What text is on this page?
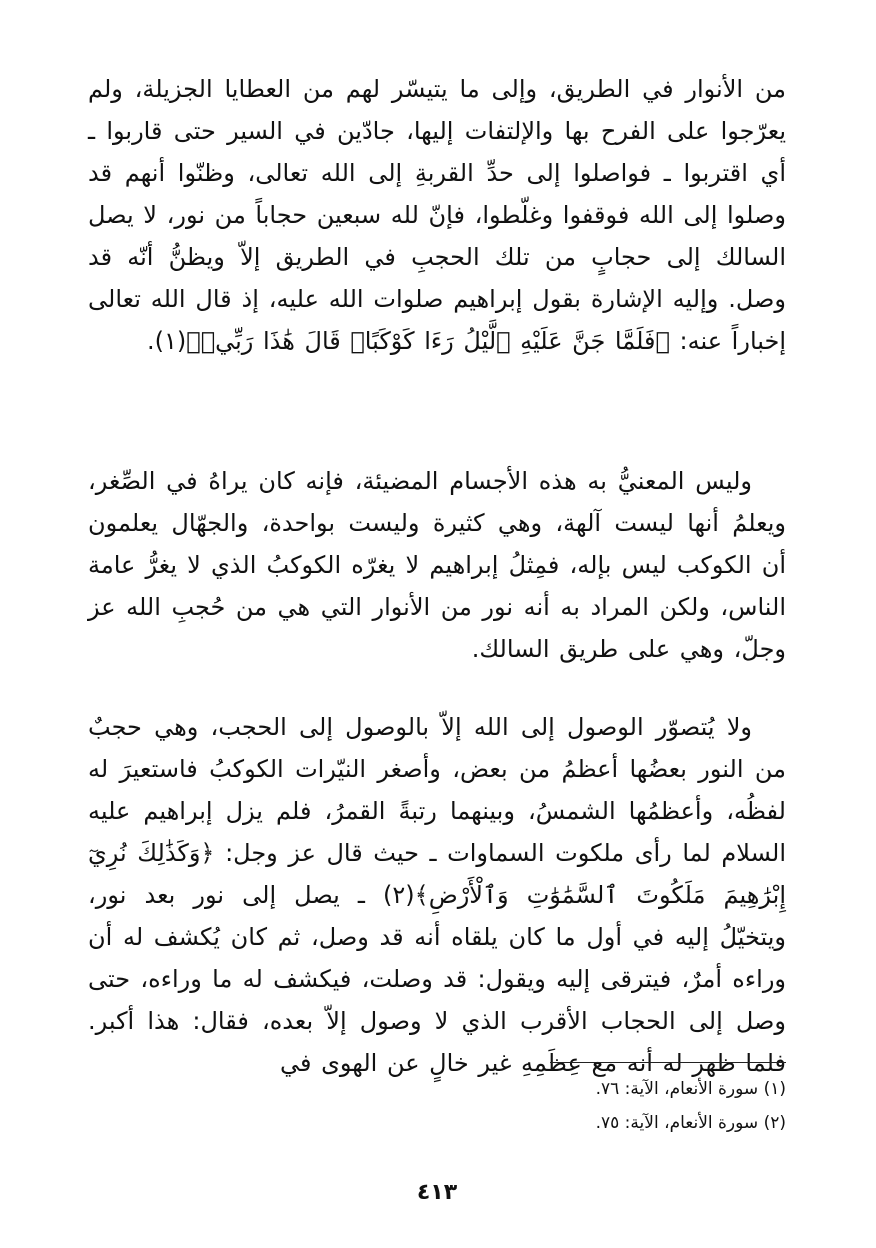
من الأنوار في الطريق، وإلى ما يتيسّر لهم من العطايا الجزيلة، ولم يعرّجوا على الفرح بها والإلتفات إليها، جادّين في السير حتى قاربوا ـ أي اقتربوا ـ فواصلوا إلى حدِّ القربةِ إلى الله تعالى، وظنّوا أنهم قد وصلوا إلى الله فوقفوا وغلّطوا، فإنّ لله سبعين حجاباً من نور، لا يصل السالك إلى حجابٍ من تلك الحجبِ في الطريق إلاّ ويظنُّ أنّه قد وصل. وإليه الإشارة بقول إبراهيم صلوات الله عليه، إذ قال الله تعالى إخباراً عنه: ﴿فَلَمَّا جَنَّ عَلَيْهِ ٱلَّيْلُ رَءَا كَوْكَبًاۖ قَالَ هَٰذَا رَبِّيۖ﴾(١).

وليس المعنيُّ به هذه الأجسام المضيئة، فإنه كان يراهُ في الصِّغر، ويعلمُ أنها ليست آلهة، وهي كثيرة وليست بواحدة، والجهّال يعلمون أن الكوكب ليس بإله، فمِثلُ إبراهيم لا يغرّه الكوكبُ الذي لا يغرُّ عامة الناس، ولكن المراد به أنه نور من الأنوار التي هي من حُجبِ الله عز وجلّ، وهي على طريق السالك.

ولا يُتصوّر الوصول إلى الله إلاّ بالوصول إلى الحجب، وهي حجبٌ من النور بعضُها أعظمُ من بعض، وأصغر النيّرات الكوكبُ فاستعيرَ له لفظُه، وأعظمُها الشمسُ، وبينهما رتبةً القمرُ، فلم يزل إبراهيم عليه السلام لما رأى ملكوت السماوات ـ حيث قال عز وجل: ﴿وَكَذَٰلِكَ نُرِيٓ إِبْرَٰهِيمَ مَلَكُوتَ ٱلسَّمَٰوَٰتِ وَٱلْأَرْضِ﴾(٢) ـ يصل إلى نور بعد نور، ويتخيّلُ إليه في أول ما كان يلقاه أنه قد وصل، ثم كان يُكشف له أن وراءه أمرٌ، فيترقى إليه ويقول: قد وصلت، فيكشف له ما وراءه، حتى وصل إلى الحجاب الأقرب الذي لا وصول إلاّ بعده، فقال: هذا أكبر. فلما ظهر له أنه مع عِظَمِهِ غير خالٍ عن الهوى في

(١) سورة الأنعام، الآية: ٧٦.

(٢) سورة الأنعام، الآية: ٧٥.

٤١٣
